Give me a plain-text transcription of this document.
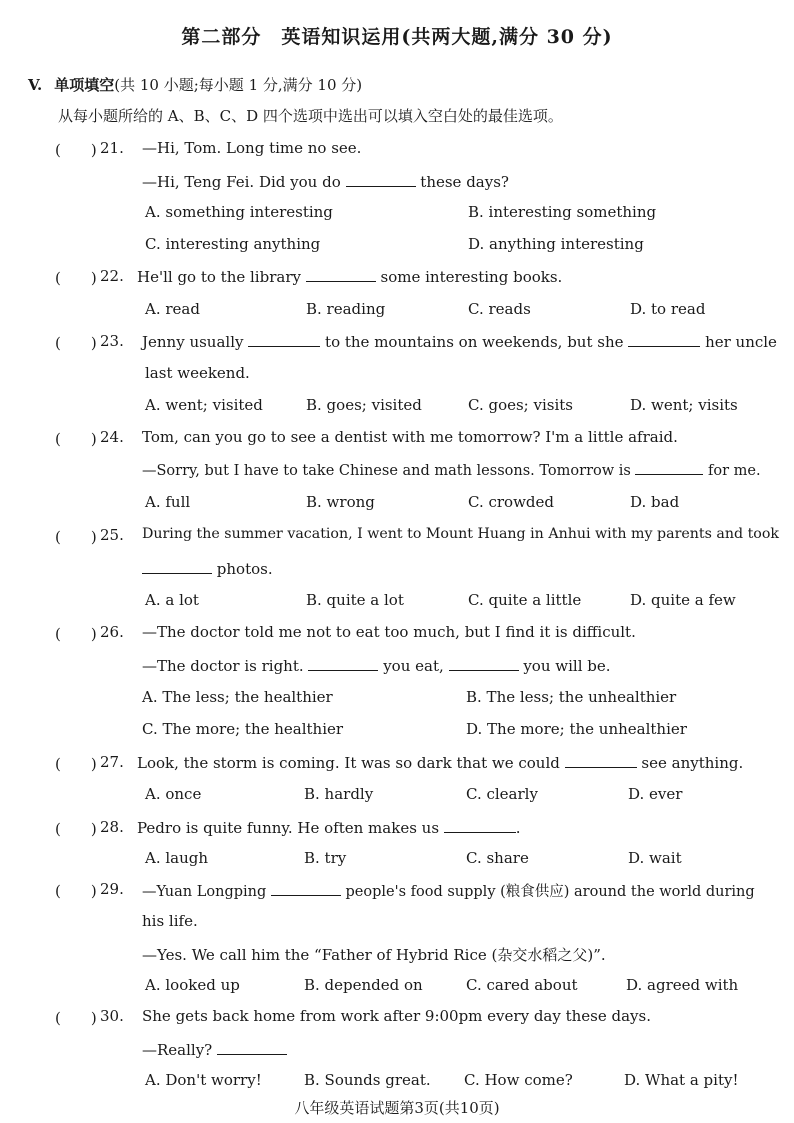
第二部分　英语知识运用(共两大题,满分 30 分)
V. 单项填空(共 10 小题;每小题 1 分,满分 10 分)
从每小题所给的 A、B、C、D 四个选项中选出可以填入空白处的最佳选项。
(　　) 21. —Hi, Tom. Long time no see.
—Hi, Teng Fei. Did you do	these days?
A. something interesting	B. interesting something
C. interesting anything	D. anything interesting
(　　) 22. He'll go to the library	some interesting books.
A. read	B. reading	C. reads	D. to read
(　　) 23. Jenny usually	to the mountains on weekends, but she	her uncle
last weekend.
A. went; visited	B. goes; visited	C. goes; visits	D. went; visits
(　　) 24. Tom, can you go to see a dentist with me tomorrow? I'm a little afraid.
—Sorry, but I have to take Chinese and math lessons. Tomorrow is	for me.
A. full	B. wrong	C. crowded	D. bad
(　　) 25. During the summer vacation, I went to Mount Huang in Anhui with my parents and took
photos.
A. a lot	B. quite a lot	C. quite a little	D. quite a few
(　　) 26. —The doctor told me not to eat too much, but I find it is difficult.
—The doctor is right.	you eat,	you will be.
A. The less; the healthier	B. The less; the unhealthier
C. The more; the healthier	D. The more; the unhealthier
(　　) 27. Look, the storm is coming. It was so dark that we could	see anything.
A. once	B. hardly	C. clearly	D. ever
(　　) 28. Pedro is quite funny. He often makes us	.
A. laugh	B. try	C. share	D. wait
(　　) 29. —Yuan Longping	people's food supply (粮食供应) around the world during
his life.
—Yes. We call him the “Father of Hybrid Rice (杂交水稻之父)”.
A. looked up	B. depended on	C. cared about	D. agreed with
(　　) 30. She gets back home from work after 9:00pm every day these days.
—Really?
A. Don't worry!	B. Sounds great. C. How come?	D. What a pity!
八年级英语试题第3页(共10页)
